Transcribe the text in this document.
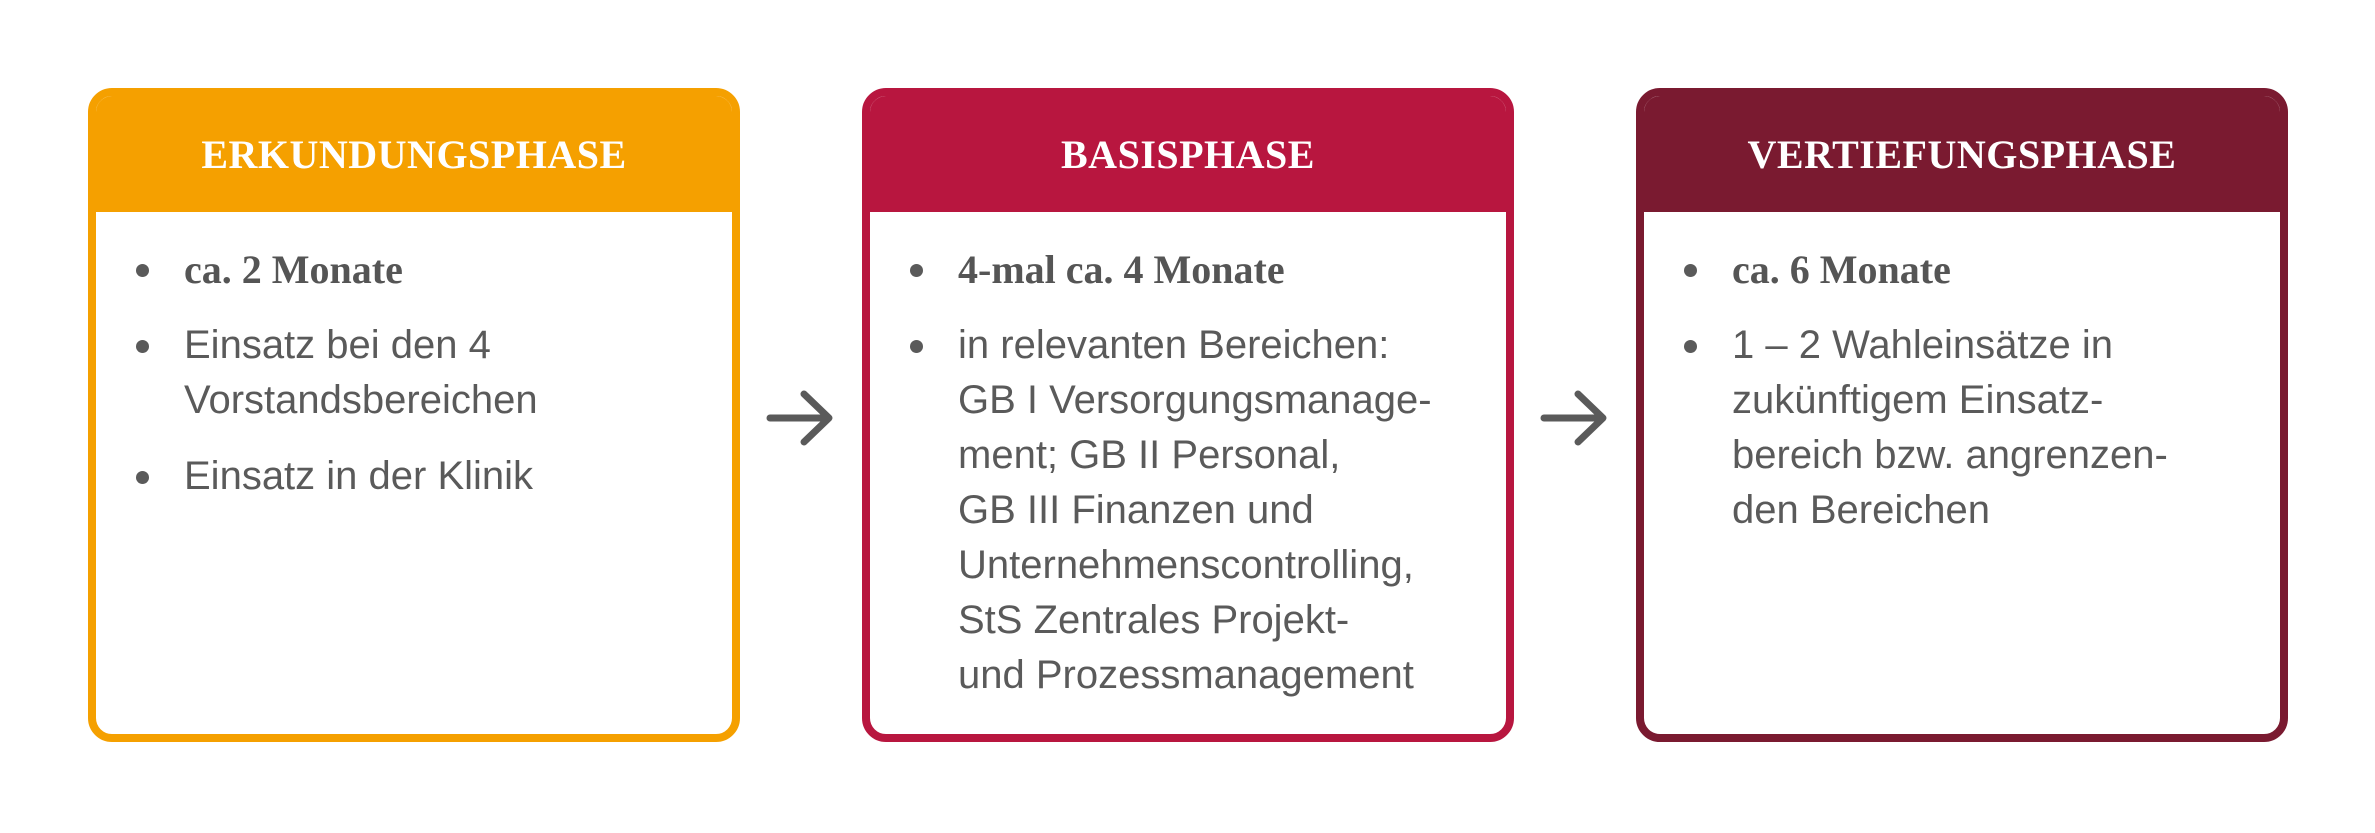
ERKUNDUNGSPHASE
ca. 2 Monate
Einsatz bei den 4
Vorstandsbereichen
Einsatz in der Klinik
BASISPHASE
4-mal ca. 4 Monate
in relevanten Bereichen:
GB I Versorgungsmanage-
ment; GB II Personal,
GB III Finanzen und
Unternehmenscontrolling,
StS Zentrales Projekt-
und Prozessmanagement
VERTIEFUNGSPHASE
ca. 6 Monate
1 – 2 Wahleinsätze in
zukünftigem Einsatz-
bereich bzw. angrenzen-
den Bereichen
